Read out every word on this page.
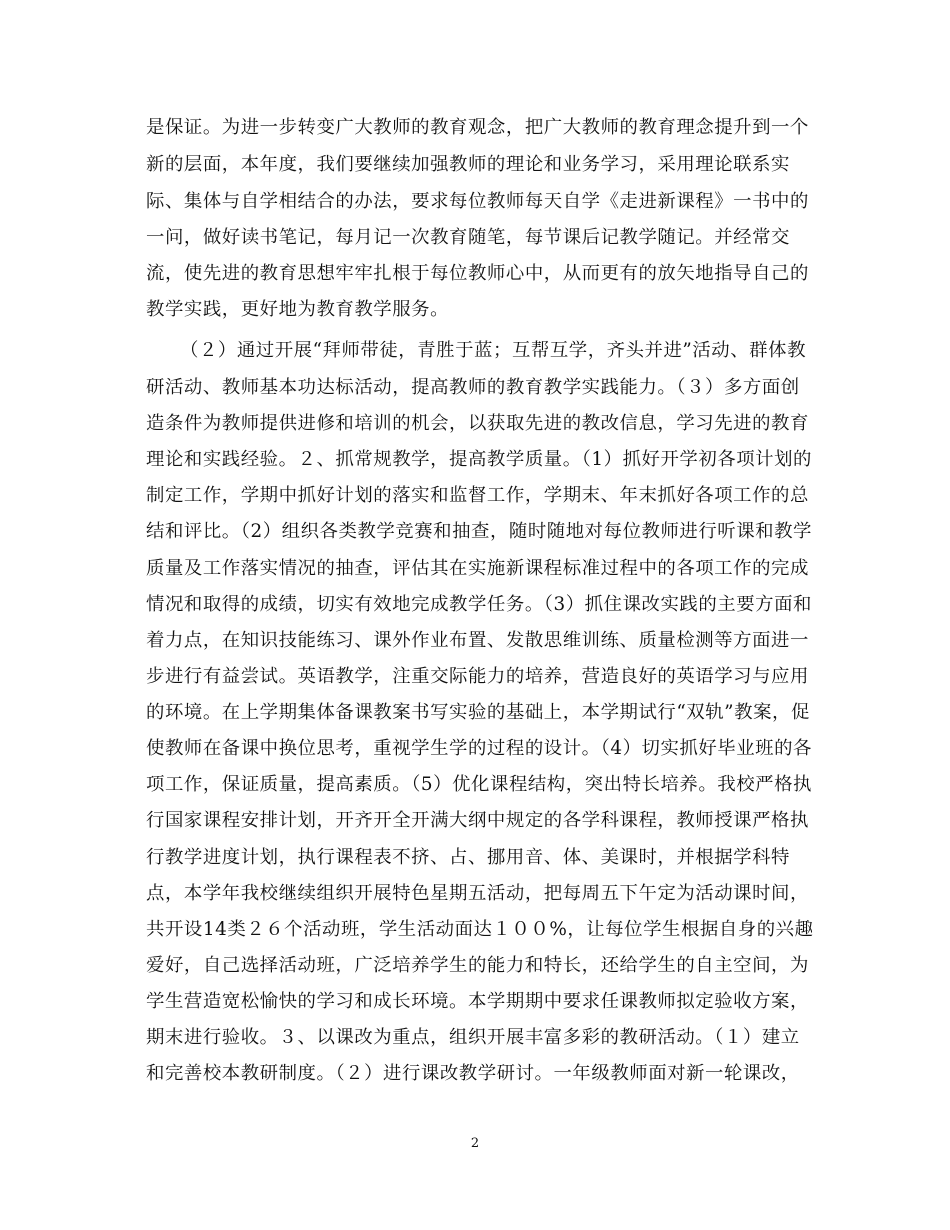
是保证。为进一步转变广大教师的教育观念，把广大教师的教育理念提升到一个
新的层面，本年度，我们要继续加强教师的理论和业务学习，采用理论联系实
际、集体与自学相结合的办法，要求每位教师每天自学《走进新课程》一书中的
一问，做好读书笔记，每月记一次教育随笔，每节课后记教学随记。并经常交
流，使先进的教育思想牢牢扎根于每位教师心中，从而更有的放矢地指导自己的
教学实践，更好地为教育教学服务。
（２）通过开展“拜师带徒，青胜于蓝；互帮互学，齐头并进”活动、群体教
研活动、教师基本功达标活动，提高教师的教育教学实践能力。（３）多方面创
造条件为教师提供进修和培训的机会，以获取先进的教改信息，学习先进的教育
理论和实践经验。２、抓常规教学，提高教学质量。（1）抓好开学初各项计划的
制定工作，学期中抓好计划的落实和监督工作，学期末、年末抓好各项工作的总
结和评比。（2）组织各类教学竞赛和抽查，随时随地对每位教师进行听课和教学
质量及工作落实情况的抽查，评估其在实施新课程标准过程中的各项工作的完成
情况和取得的成绩，切实有效地完成教学任务。（3）抓住课改实践的主要方面和
着力点，在知识技能练习、课外作业布置、发散思维训练、质量检测等方面进一
步进行有益尝试。英语教学，注重交际能力的培养，营造良好的英语学习与应用
的环境。在上学期集体备课教案书写实验的基础上，本学期试行“双轨”教案，促
使教师在备课中换位思考，重视学生学的过程的设计。（4）切实抓好毕业班的各
项工作，保证质量，提高素质。（5）优化课程结构，突出特长培养。我校严格执
行国家课程安排计划，开齐开全开满大纲中规定的各学科课程，教师授课严格执
行教学进度计划，执行课程表不挤、占、挪用音、体、美课时，并根据学科特
点，本学年我校继续组织开展特色星期五活动，把每周五下午定为活动课时间，
共开设14类２６个活动班，学生活动面达１００%，让每位学生根据自身的兴趣
爱好，自己选择活动班，广泛培养学生的能力和特长，还给学生的自主空间，为
学生营造宽松愉快的学习和成长环境。本学期期中要求任课教师拟定验收方案，
期末进行验收。３、以课改为重点，组织开展丰富多彩的教研活动。（１）建立
和完善校本教研制度。（２）进行课改教学研讨。一年级教师面对新一轮课改，
2
